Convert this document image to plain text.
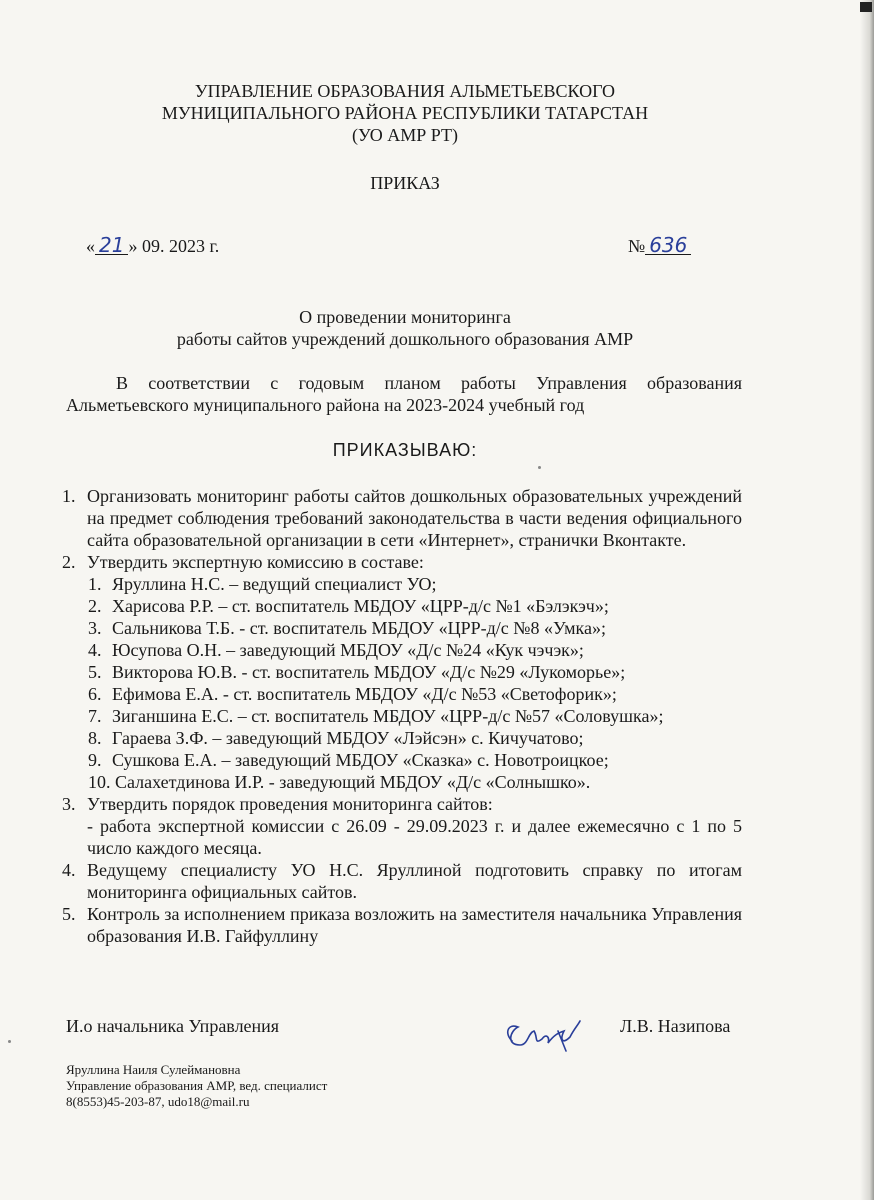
УПРАВЛЕНИЕ ОБРАЗОВАНИЯ АЛЬМЕТЬЕВСКОГО
МУНИЦИПАЛЬНОГО РАЙОНА РЕСПУБЛИКИ ТАТАРСТАН
(УО АМР РТ)
ПРИКАЗ
« 21 » 09. 2023 г.	№ 636
О проведении мониторинга
работы сайтов учреждений дошкольного образования АМР
В соответствии с годовым планом работы Управления образования Альметьевского муниципального района на 2023-2024 учебный год
ПРИКАЗЫВАЮ:
1. Организовать мониторинг работы сайтов дошкольных образовательных учреждений на предмет соблюдения требований законодательства в части ведения официального сайта образовательной организации в сети «Интернет», странички Вконтакте.
2. Утвердить экспертную комиссию в составе:
1. Яруллина Н.С. – ведущий специалист УО;
2. Харисова Р.Р. – ст. воспитатель МБДОУ «ЦРР-д/с №1 «Бэлэкэч»;
3. Сальникова Т.Б. - ст. воспитатель МБДОУ «ЦРР-д/с №8 «Умка»;
4. Юсупова О.Н. – заведующий МБДОУ «Д/с №24 «Кук чэчэк»;
5. Викторова Ю.В. - ст. воспитатель МБДОУ «Д/с №29 «Лукоморье»;
6. Ефимова Е.А. - ст. воспитатель МБДОУ «Д/с №53 «Светофорик»;
7. Зиганшина Е.С. – ст. воспитатель МБДОУ «ЦРР-д/с №57 «Соловушка»;
8. Гараева З.Ф. – заведующий МБДОУ «Лэйсэн» с. Кичучатово;
9. Сушкова Е.А. – заведующий МБДОУ «Сказка» с. Новотроицкое;
10. Салахетдинова И.Р. - заведующий МБДОУ «Д/с «Солнышко».
3. Утвердить порядок проведения мониторинга сайтов:
- работа экспертной комиссии с 26.09 - 29.09.2023 г. и далее ежемесячно с 1 по 5 число каждого месяца.
4. Ведущему специалисту УО Н.С. Яруллиной подготовить справку по итогам мониторинга официальных сайтов.
5. Контроль за исполнением приказа возложить на заместителя начальника Управления образования И.В. Гайфуллину
И.о начальника Управления	Л.В. Назипова
Яруллина Наиля Сулеймановна
Управление образования АМР, вед. специалист
8(8553)45-203-87, udo18@mail.ru
